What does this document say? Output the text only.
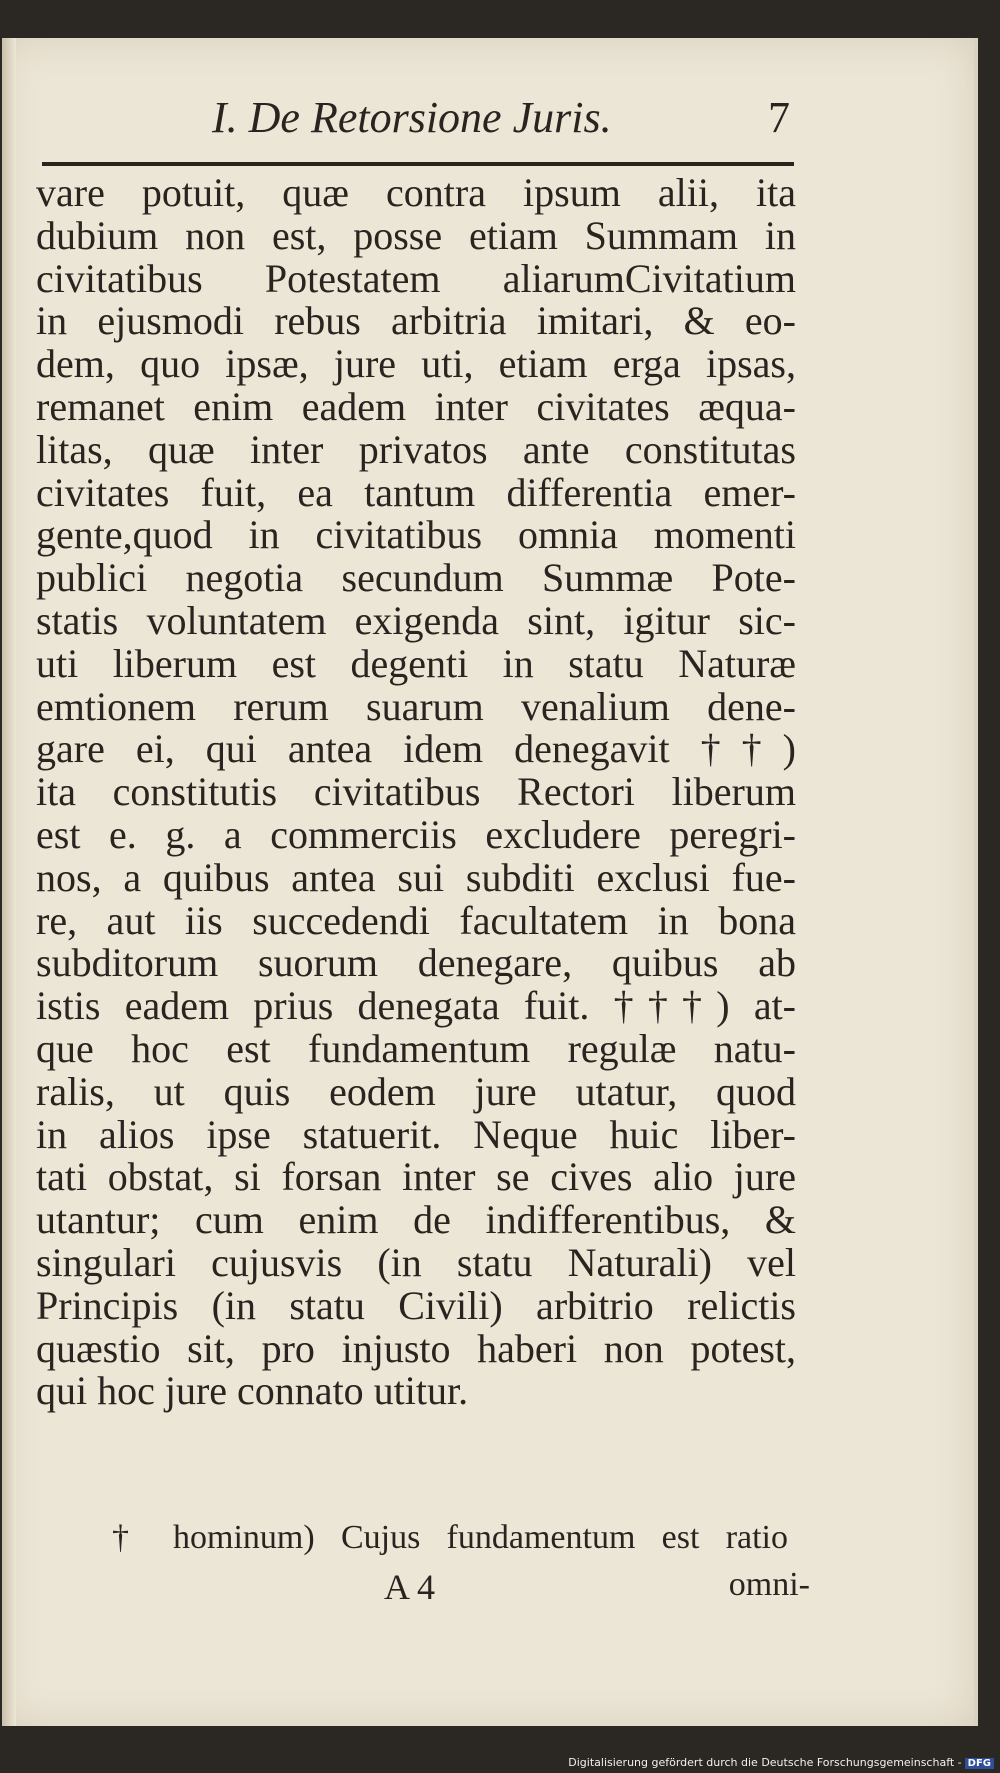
I. De Retorsione Juris.	7
vare potuit, quæ contra ipsum alii, ita
dubium non est, posse etiam Summam in
civitatibus Potestatem aliarumCivitatium
in ejusmodi rebus arbitria imitari, & eo-
dem, quo ipsæ, jure uti, etiam erga ipsas,
remanet enim eadem inter civitates æqua-
litas, quæ inter privatos ante constitutas
civitates fuit, ea tantum differentia emer-
gente,quod in civitatibus omnia momenti
publici negotia secundum Summæ Pote-
statis voluntatem exigenda sint, igitur sic-
uti liberum est degenti in statu Naturæ
emtionem rerum suarum venalium dene-
gare ei, qui antea idem denegavit ††)
ita constitutis civitatibus Rectori liberum
est e. g. a commerciis excludere peregri-
nos, a quibus antea sui subditi exclusi fue-
re, aut iis succedendi facultatem in bona
subditorum suorum denegare, quibus ab
istis eadem prius denegata fuit. †††) at-
que hoc est fundamentum regulæ natu-
ralis, ut quis eodem jure utatur, quod
in alios ipse statuerit. Neque huic liber-
tati obstat, si forsan inter se cives alio jure
utantur; cum enim de indifferentibus, &
singulari cujusvis (in statu Naturali) vel
Principis (in statu Civili) arbitrio relictis
quæstio sit, pro injusto haberi non potest,
qui hoc jure connato utitur.
† hominum) Cujus fundamentum est ratio
A 4	omni-
Digitalisierung gefördert durch die Deutsche Forschungsgemeinschaft - DFG
